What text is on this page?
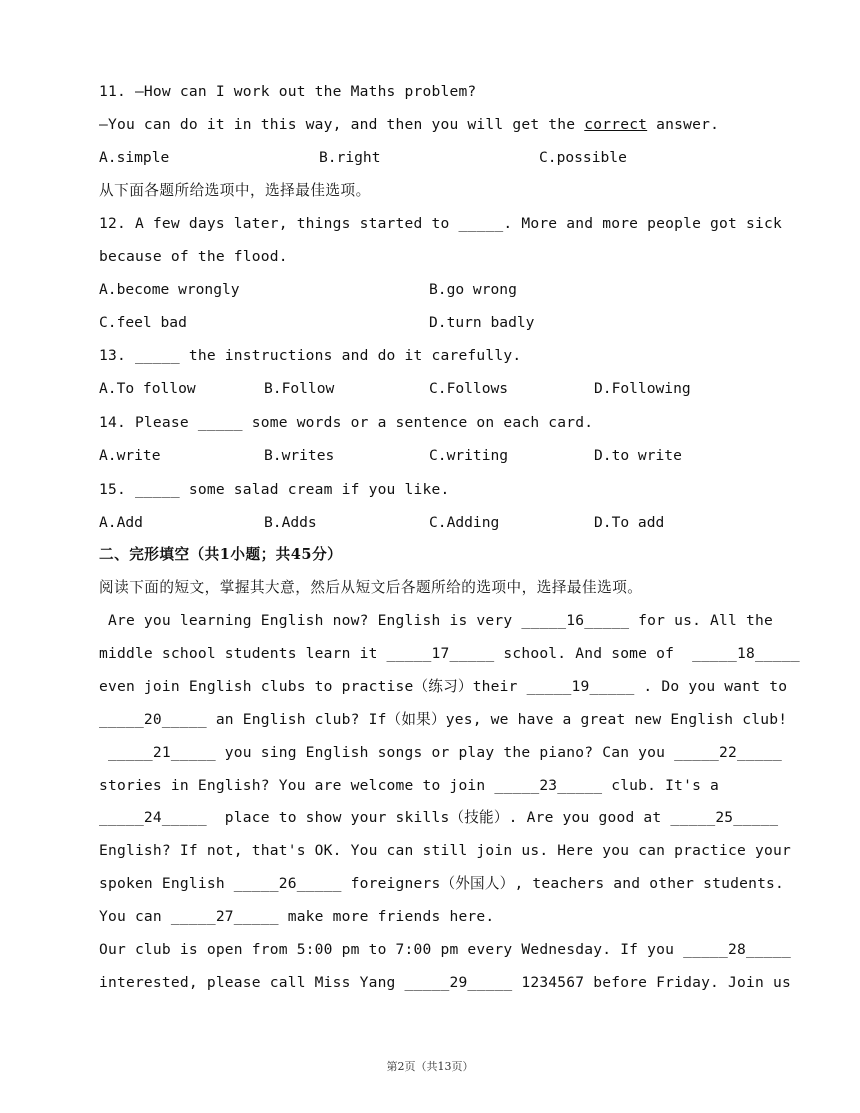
11. —How can I work out the Maths problem?
—You can do it in this way, and then you will get the correct answer.
A.simple	B.right	C.possible
从下面各题所给选项中，选择最佳选项。
12. A few days later, things started to _____. More and more people got sick
because of the flood.
A.become wrongly	B.go wrong
C.feel bad	D.turn badly
13. _____ the instructions and do it carefully.
A.To follow	B.Follow	C.Follows	D.Following
14. Please _____ some words or a sentence on each card.
A.write	B.writes	C.writing	D.to write
15. _____ some salad cream if you like.
A.Add	B.Adds	C.Adding	D.To add
二、完形填空（共1小题；共45分）
阅读下面的短文，掌握其大意，然后从短文后各题所给的选项中，选择最佳选项。
Are you learning English now? English is very _____16_____ for us. All the
middle school students learn it _____17_____ school. And some of  _____18_____
even join English clubs to practise（练习）their _____19_____ . Do you want to
_____20_____ an English club? If（如果）yes, we have a great new English club!
_____21_____ you sing English songs or play the piano? Can you _____22_____
stories in English? You are welcome to join _____23_____ club. It's a
_____24_____  place to show your skills（技能）. Are you good at _____25_____
English? If not, that's OK. You can still join us. Here you can practice your
spoken English _____26_____ foreigners（外国人）, teachers and other students.
You can _____27_____ make more friends here.
Our club is open from 5:00 pm to 7:00 pm every Wednesday. If you _____28_____
interested, please call Miss Yang _____29_____ 1234567 before Friday. Join us
第2页（共13页）
